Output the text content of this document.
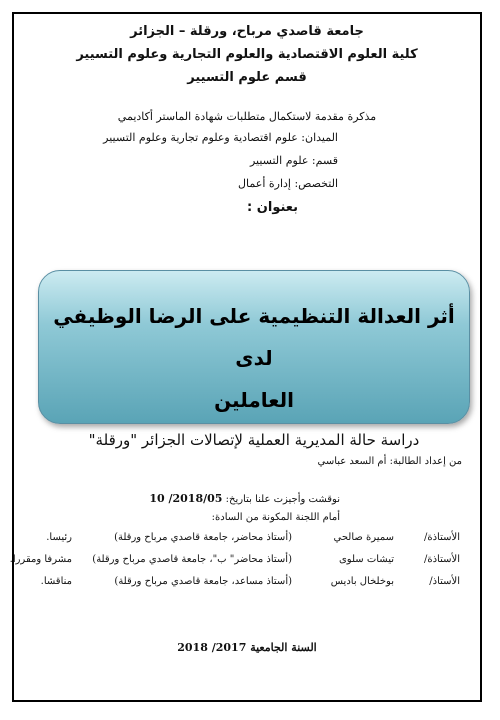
جامعة قاصدي مرباح، ورقلة – الجزائر
كلية العلوم الاقتصادية والعلوم التجارية وعلوم التسيير
قسم علوم التسيير
مذكرة مقدمة لاستكمال متطلبات شهادة الماستر أكاديمي
الميدان: علوم اقتصادية وعلوم تجارية وعلوم التسيير
قسم: علوم التسيير
التخصص: إدارة أعمال
بعنوان :
أثر العدالة التنظيمية على الرضا الوظيفي لدى
العاملين
دراسة حالة المديرية العملية لإتصالات الجزائر "ورقلة"
من إعداد الطالبة: أم السعد عباسي
نوقشت وأجيزت علنا بتاريخ: 2018/05/ 10
أمام اللجنة المكونة من السادة:
الأستاذة/
سميرة صالحي
(أستاذ محاضر، جامعة قاصدي مرباح ورقلة)
رئيسا.
الأستاذة/
تيشات سلوى
(أستاذ محاضر" ب"، جامعة قاصدي مرباح ورقلة)
مشرفا ومقررا.
الأستاذ/
بوخلخال باديس
(أستاذ مساعد، جامعة قاصدي مرباح ورقلة)
مناقشا.
السنة الجامعية 2017/ 2018
